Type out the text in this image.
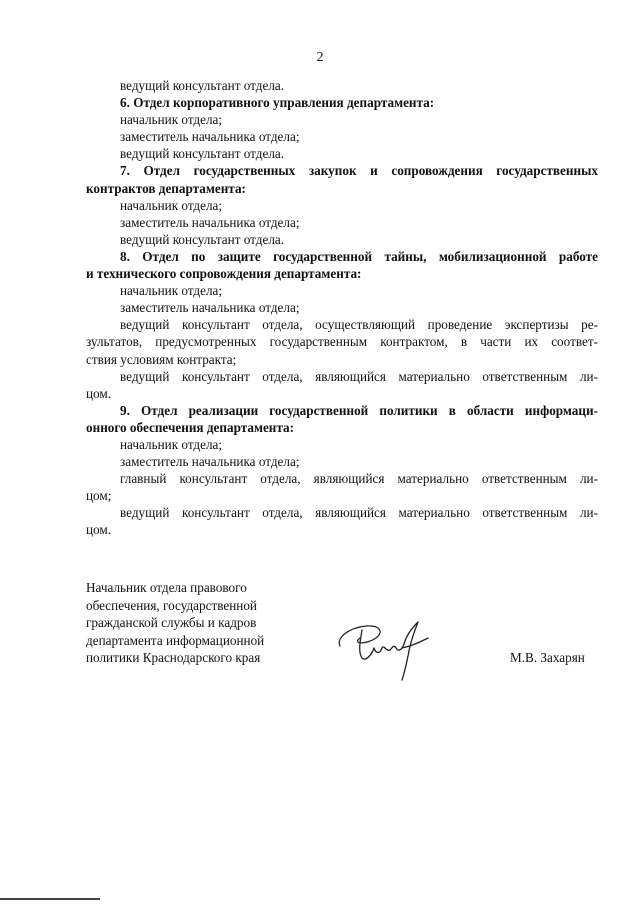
2
ведущий консультант отдела.
6. Отдел корпоративного управления департамента:
начальник отдела;
заместитель начальника отдела;
ведущий консультант отдела.
7. Отдел государственных закупок и сопровождения государственных
контрактов департамента:
начальник отдела;
заместитель начальника отдела;
ведущий консультант отдела.
8. Отдел по защите государственной тайны, мобилизационной работе
и технического сопровождения департамента:
начальник отдела;
заместитель начальника отдела;
ведущий консультант отдела, осуществляющий проведение экспертизы ре-
зультатов, предусмотренных государственным контрактом, в части их соответ-
ствия условиям контракта;
ведущий консультант отдела, являющийся материально ответственным ли-
цом.
9. Отдел реализации государственной политики в области информаци-
онного обеспечения департамента:
начальник отдела;
заместитель начальника отдела;
главный консультант отдела, являющийся материально ответственным ли-
цом;
ведущий консультант отдела, являющийся материально ответственным ли-
цом.
Начальник отдела правового
обеспечения, государственной
гражданской службы и кадров
департамента информационной
политики Краснодарского края	М.В. Захарян
